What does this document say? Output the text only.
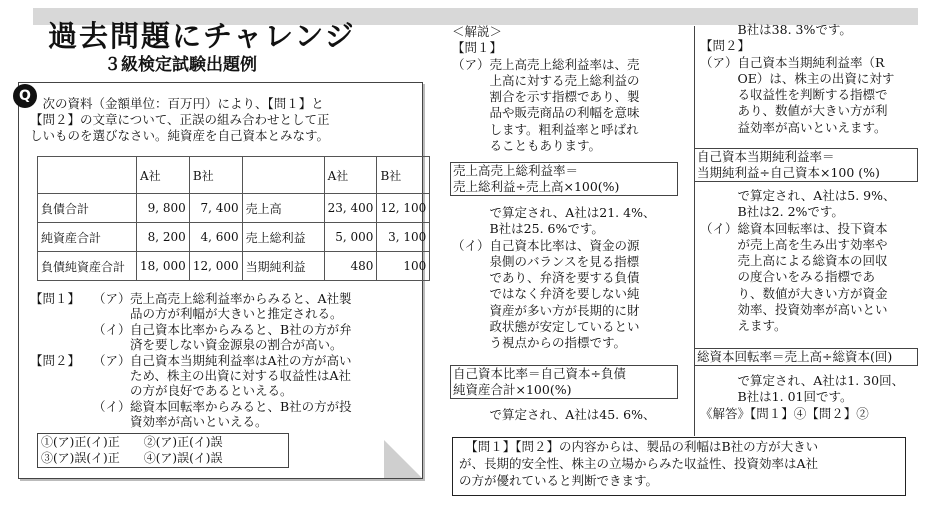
過去問題にチャレンジ
３級検定試験出題例
Q 　次の資料（金額単位：百万円）により、【問１】と

【問２】の文章について、正誤の組み合わせとして正

しいものを選びなさい。純資産を自己資本とみなす。

	A社	B社		A社	B社
負債合計	9, 800	7, 400	売上高	23, 400	12, 100
純資産合計	8, 200	4, 600	売上総利益	5, 000	3, 100
負債純資産合計	18, 000	12, 000	当期純利益	480	100
【問１】 （ア） 売上高売上総利益率からみると、A社製
品の方が利幅が大きいと推定される。
（イ） 自己資本比率からみると、B社の方が弁
済を要しない資金源泉の割合が高い。
【問２】 （ア） 自己資本当期純利益率はA社の方が高い
ため、株主の出資に対する収益性はA社
の方が良好であるといえる。
（イ） 総資本回転率からみると、B社の方が投
資効率が高いといえる。
①(ア)正(イ)正　　②(ア)正(イ)誤
③(ア)誤(イ)正　　④(ア)誤(イ)誤
＜解説＞
【問１】
（ア）売上高売上総利益率は、売
　　　上高に対する売上総利益の
　　　割合を示す指標であり、製
　　　品や販売商品の利幅を意味
　　　します。粗利益率と呼ばれ
　　　ることもあります。
売上高売上総利益率＝
売上総利益÷売上高×100(%)
　　　で算定され、A社は21. 4%、
　　　B社は25. 6%です。
（イ）自己資本比率は、資金の源
　　　泉側のバランスを見る指標
　　　であり、弁済を要する負債
　　　ではなく弁済を要しない純
　　　資産が多い方が長期的に財
　　　政状態が安定しているとい
　　　う視点からの指標です。
自己資本比率＝自己資本÷負債
純資産合計×100(%)
　　　で算定され、A社は45. 6%、
　　　B社は38. 3%です。
【問２】
（ア）自己資本当期純利益率（R
　　　OE）は、株主の出資に対す
　　　る収益性を判断する指標で
　　　あり、数値が大きい方が利
　　　益効率が高いといえます。
自己資本当期純利益率＝
当期純利益÷自己資本×100 (%)
　　　で算定され、A社は5. 9%、
　　　B社は2. 2%です。
（イ）総資本回転率は、投下資本
　　　が売上高を生み出す効率や
　　　売上高による総資本の回収
　　　の度合いをみる指標であ
　　　り、数値が大きい方が資金
　　　効率、投資効率が高いとい
　　　えます。
総資本回転率＝売上高÷総資本(回)
　　　で算定され、A社は1. 30回、
　　　B社は1. 01回です。
《解答》【問１】④【問２】②
　【問１】【問２】の内容からは、製品の利幅はB社の方が大きい
が、長期的安全性、株主の立場からみた収益性、投資効率はA社
の方が優れていると判断できます。
